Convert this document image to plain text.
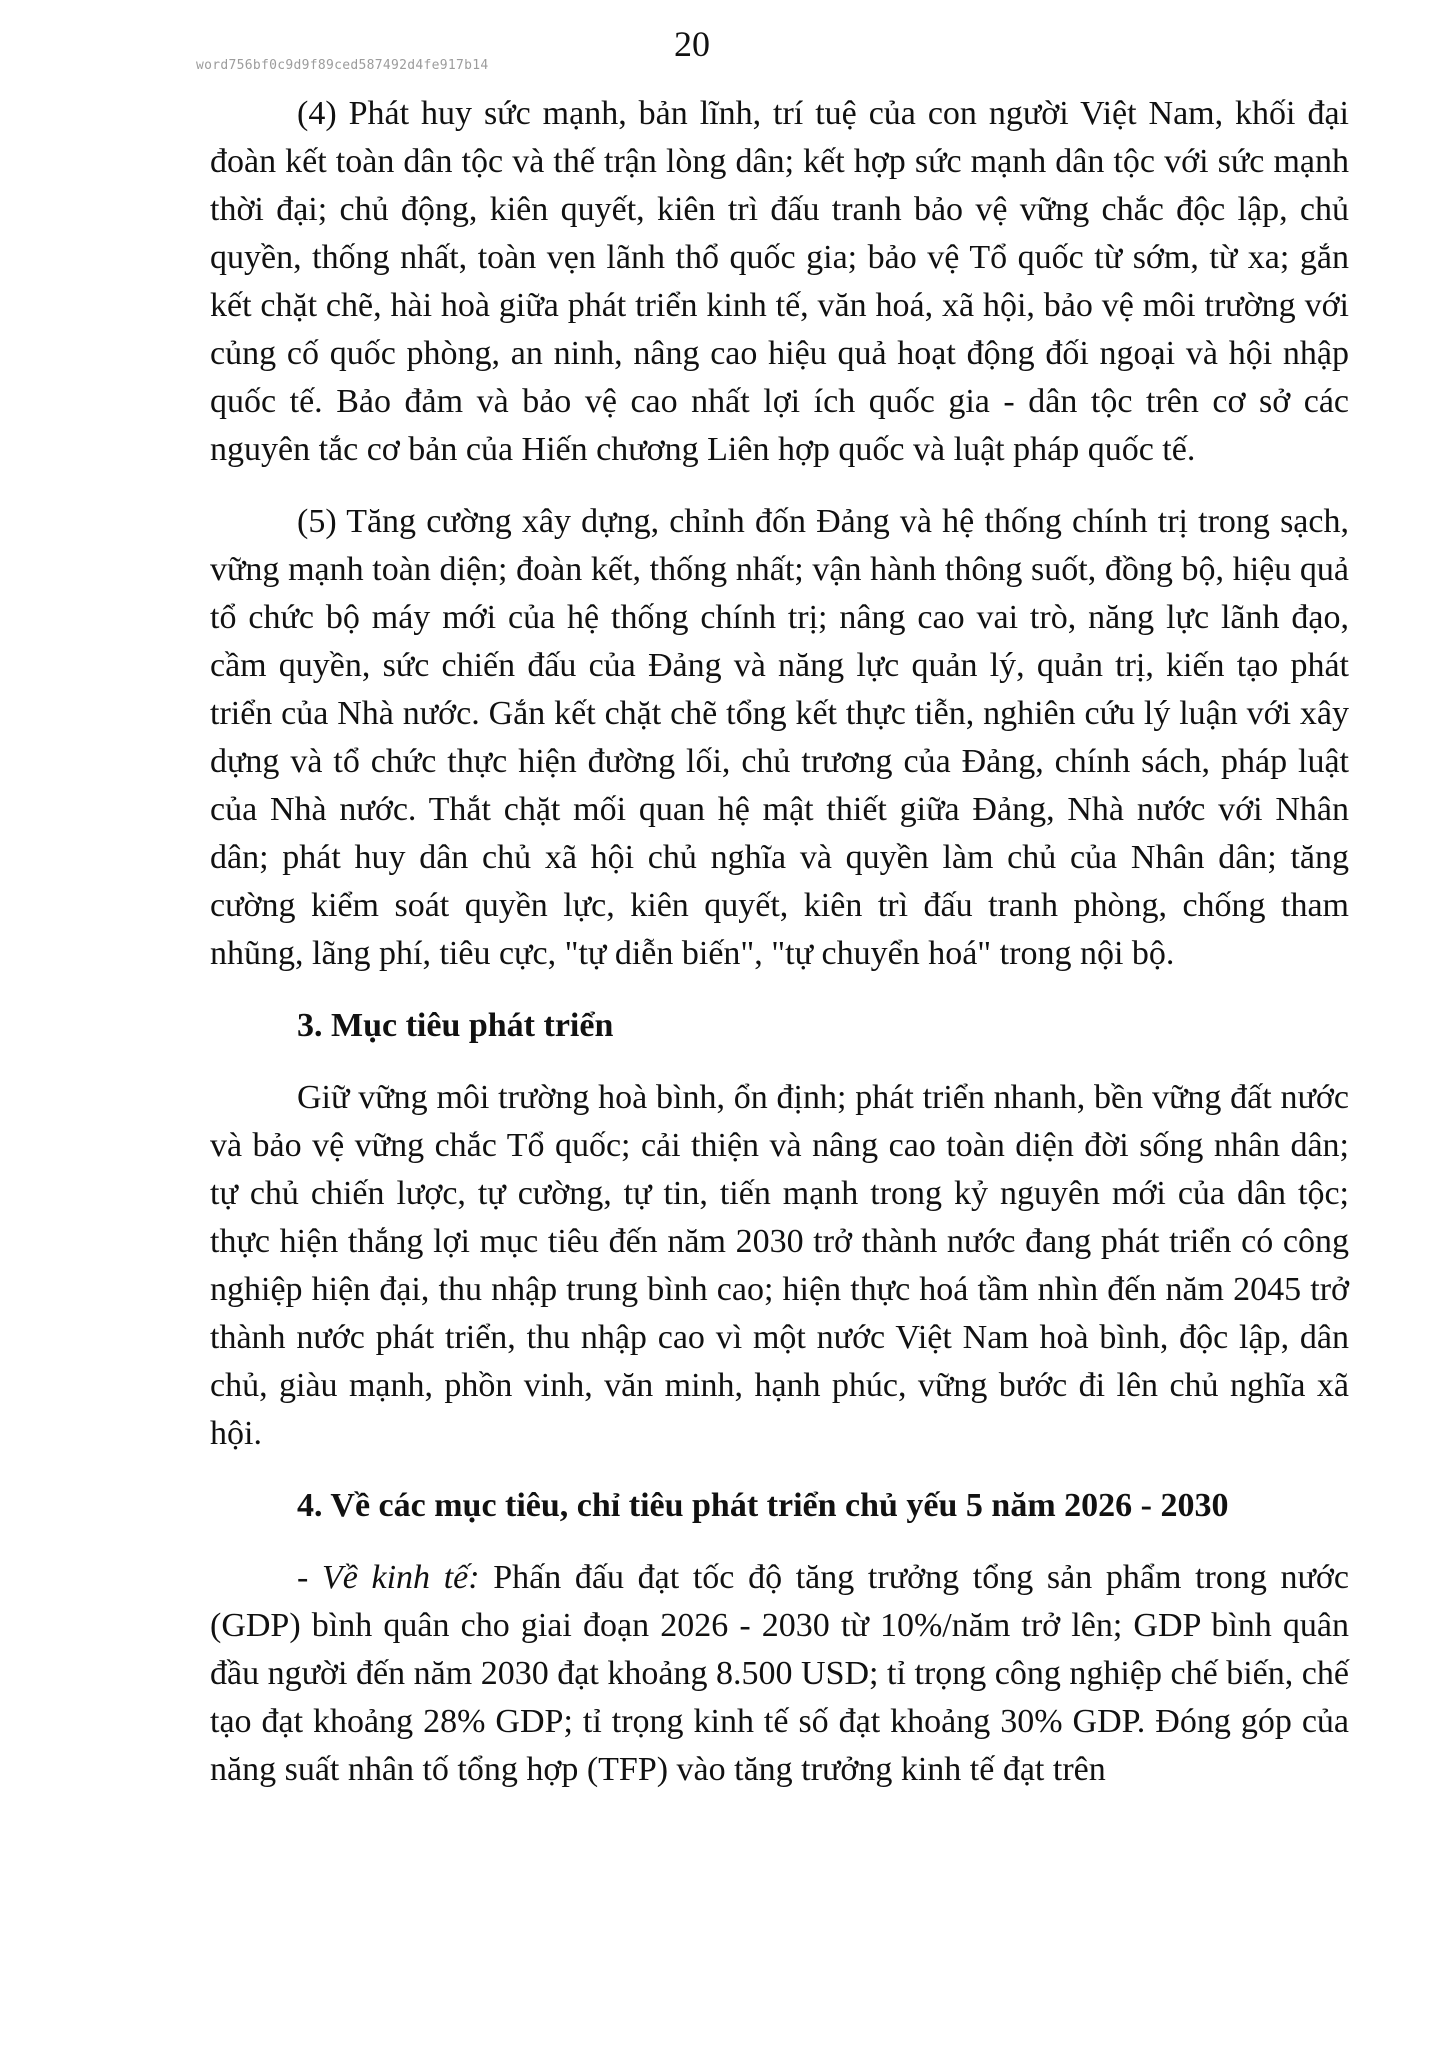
word756bf0c9d9f89ced587492d4fe917b14
20

(4) Phát huy sức mạnh, bản lĩnh, trí tuệ của con người Việt Nam, khối đại đoàn kết toàn dân tộc và thế trận lòng dân; kết hợp sức mạnh dân tộc với sức mạnh thời đại; chủ động, kiên quyết, kiên trì đấu tranh bảo vệ vững chắc độc lập, chủ quyền, thống nhất, toàn vẹn lãnh thổ quốc gia; bảo vệ Tổ quốc từ sớm, từ xa; gắn kết chặt chẽ, hài hoà giữa phát triển kinh tế, văn hoá, xã hội, bảo vệ môi trường với củng cố quốc phòng, an ninh, nâng cao hiệu quả hoạt động đối ngoại và hội nhập quốc tế. Bảo đảm và bảo vệ cao nhất lợi ích quốc gia - dân tộc trên cơ sở các nguyên tắc cơ bản của Hiến chương Liên hợp quốc và luật pháp quốc tế.

(5) Tăng cường xây dựng, chỉnh đốn Đảng và hệ thống chính trị trong sạch, vững mạnh toàn diện; đoàn kết, thống nhất; vận hành thông suốt, đồng bộ, hiệu quả tổ chức bộ máy mới của hệ thống chính trị; nâng cao vai trò, năng lực lãnh đạo, cầm quyền, sức chiến đấu của Đảng và năng lực quản lý, quản trị, kiến tạo phát triển của Nhà nước. Gắn kết chặt chẽ tổng kết thực tiễn, nghiên cứu lý luận với xây dựng và tổ chức thực hiện đường lối, chủ trương của Đảng, chính sách, pháp luật của Nhà nước. Thắt chặt mối quan hệ mật thiết giữa Đảng, Nhà nước với Nhân dân; phát huy dân chủ xã hội chủ nghĩa và quyền làm chủ của Nhân dân; tăng cường kiểm soát quyền lực, kiên quyết, kiên trì đấu tranh phòng, chống tham nhũng, lãng phí, tiêu cực, "tự diễn biến", "tự chuyển hoá" trong nội bộ.

3. Mục tiêu phát triển

Giữ vững môi trường hoà bình, ổn định; phát triển nhanh, bền vững đất nước và bảo vệ vững chắc Tổ quốc; cải thiện và nâng cao toàn diện đời sống nhân dân; tự chủ chiến lược, tự cường, tự tin, tiến mạnh trong kỷ nguyên mới của dân tộc; thực hiện thắng lợi mục tiêu đến năm 2030 trở thành nước đang phát triển có công nghiệp hiện đại, thu nhập trung bình cao; hiện thực hoá tầm nhìn đến năm 2045 trở thành nước phát triển, thu nhập cao vì một nước Việt Nam hoà bình, độc lập, dân chủ, giàu mạnh, phồn vinh, văn minh, hạnh phúc, vững bước đi lên chủ nghĩa xã hội.

4. Về các mục tiêu, chỉ tiêu phát triển chủ yếu 5 năm 2026 - 2030

- Về kinh tế: Phấn đấu đạt tốc độ tăng trưởng tổng sản phẩm trong nước (GDP) bình quân cho giai đoạn 2026 - 2030 từ 10%/năm trở lên; GDP bình quân đầu người đến năm 2030 đạt khoảng 8.500 USD; tỉ trọng công nghiệp chế biến, chế tạo đạt khoảng 28% GDP; tỉ trọng kinh tế số đạt khoảng 30% GDP. Đóng góp của năng suất nhân tố tổng hợp (TFP) vào tăng trưởng kinh tế đạt trên
